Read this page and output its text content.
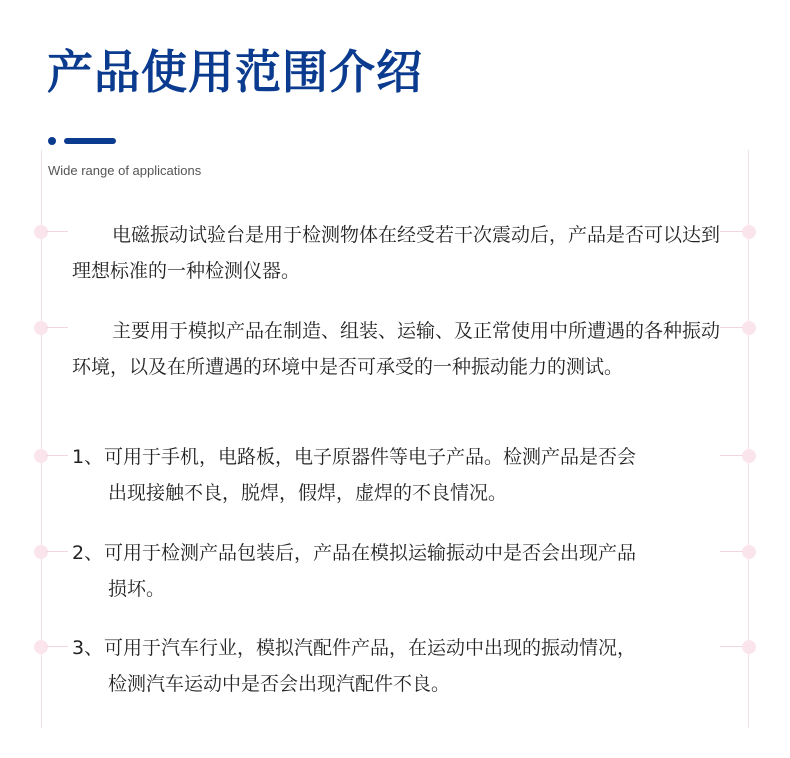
产品使用范围介绍
Wide range of applications

电磁振动试验台是用于检测物体在经受若干次震动后，产品是否可以达到理想标准的一种检测仪器。

主要用于模拟产品在制造、组装、运输、及正常使用中所遭遇的各种振动环境，以及在所遭遇的环境中是否可承受的一种振动能力的测试。

1、 可用于手机，电路板，电子原器件等电子产品。检测产品是否会
出现接触不良，脱焊，假焊，虚焊的不良情况。
2、 可用于检测产品包装后，产品在模拟运输振动中是否会出现产品
损坏。
3、 可用于汽车行业，模拟汽配件产品，在运动中出现的振动情况，
检测汽车运动中是否会出现汽配件不良。
